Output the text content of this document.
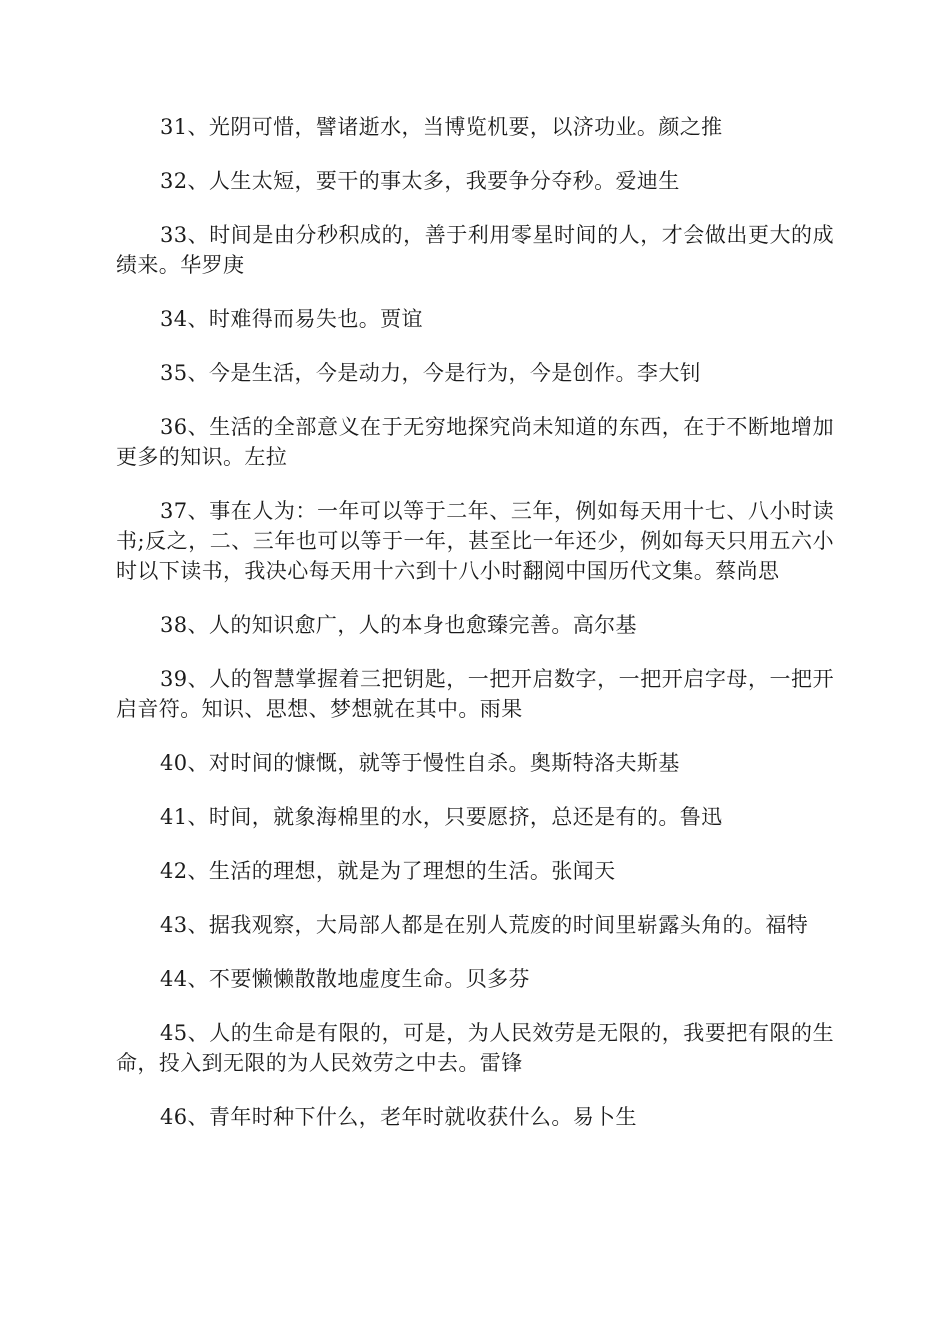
31、光阴可惜，譬诸逝水，当博览机要，以济功业。颜之推

32、人生太短，要干的事太多，我要争分夺秒。爱迪生

33、时间是由分秒积成的，善于利用零星时间的人，才会做出更大的成绩来。华罗庚

34、时难得而易失也。贾谊

35、今是生活，今是动力，今是行为，今是创作。李大钊

36、生活的全部意义在于无穷地探究尚未知道的东西，在于不断地增加更多的知识。左拉

37、事在人为：一年可以等于二年、三年，例如每天用十七、八小时读书;反之，二、三年也可以等于一年，甚至比一年还少，例如每天只用五六小时以下读书，我决心每天用十六到十八小时翻阅中国历代文集。蔡尚思

38、人的知识愈广，人的本身也愈臻完善。高尔基

39、人的智慧掌握着三把钥匙，一把开启数字，一把开启字母，一把开启音符。知识、思想、梦想就在其中。雨果

40、对时间的慷慨，就等于慢性自杀。奥斯特洛夫斯基

41、时间，就象海棉里的水，只要愿挤，总还是有的。鲁迅

42、生活的理想，就是为了理想的生活。张闻天

43、据我观察，大局部人都是在别人荒废的时间里崭露头角的。福特

44、不要懒懒散散地虚度生命。贝多芬

45、人的生命是有限的，可是，为人民效劳是无限的，我要把有限的生命，投入到无限的为人民效劳之中去。雷锋

46、青年时种下什么，老年时就收获什么。易卜生
